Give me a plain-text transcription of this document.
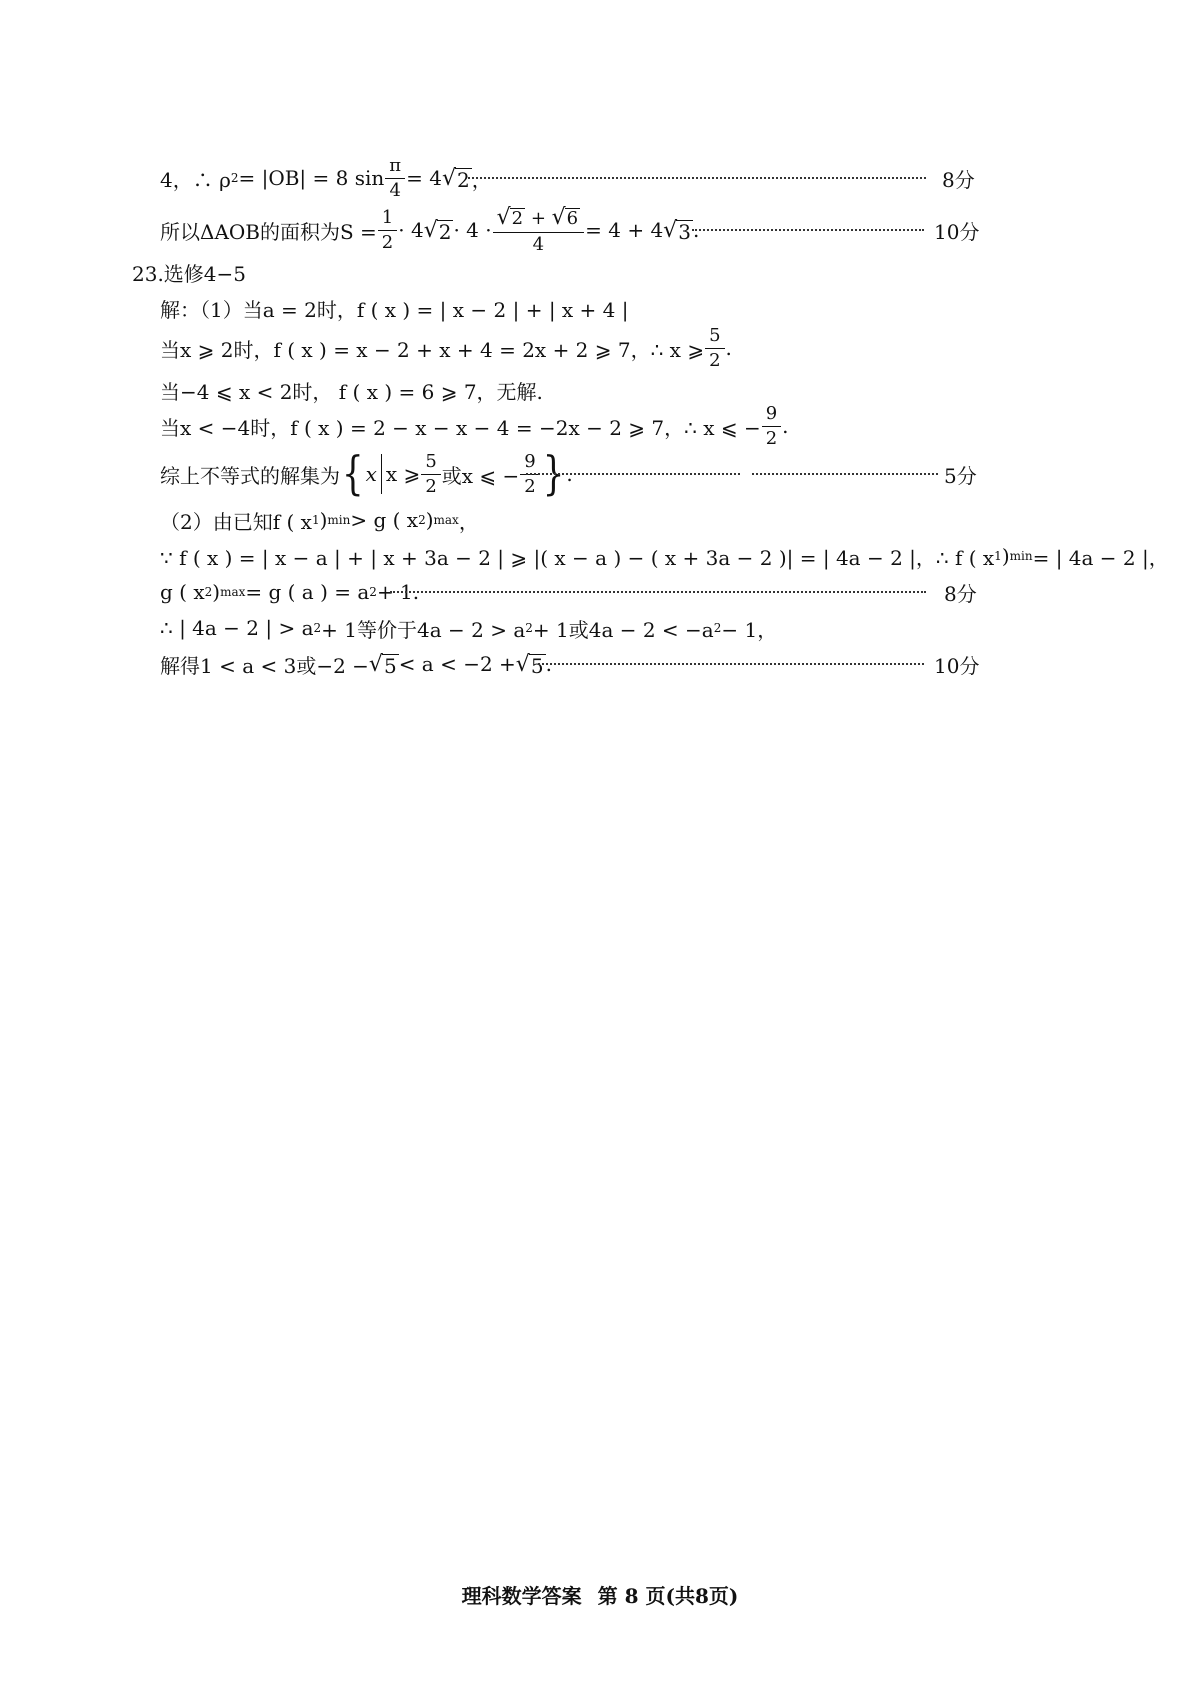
4，∴ ρ 2 = |OB| = 8 $\sin \frac{\pi}{4} = 4$ √ 2 ，	8分
所以ΔAOB的面积为$S = \frac{1}{2} \cdot 4$ √ $2 \cdot 4 \cdot \frac{√ 2 + √ 6}{4} = 4 + 4$ √ 3 .	10分
23.选修4−5
解：（1）当a = 2时，f ( x ) = | x − 2 | + | x + 4 |
当x ⩾ 2时，f ( x ) = x − 2 + x + 4 = 2x + 2 ⩾ 7，∴ x ⩾ $\frac{5}{2}$ .
当−4 ⩽ x < 2时， f ( x ) = 6 ⩾ 7，无解.
当x < −4时，f ( x ) = 2 − x − x − 4 = −2x − 2 ⩾ 7，∴ x ⩽ − $\frac{9}{2}$ .
综上不等式的解集为 { x x ⩾ $\frac{5}{2}$ 或x ⩽ − $\frac{9}{2}$ } .	5分
（2）由已知f ( x 1 ) min > g ( x 2 ) max ，
∵ f ( x ) = | x − a | + | x + 3a − 2 | ⩾ |( x − a ) − ( x + 3a − 2 )| = | 4a − 2 |，∴ f ( x 1 ) min = | 4a − 2 |，
g ( x 2 ) max = g ( a ) = a 2 + 1.	8分
∴ | 4a − 2 | > a 2 + 1等价于4a − 2 > a 2 + 1或4a − 2 < −a 2 − 1，
解得1 < a < 3或−2 − √ 5 < a < −2 + √ 5 .	10分
理科数学答案 第 8 页(共8页)
